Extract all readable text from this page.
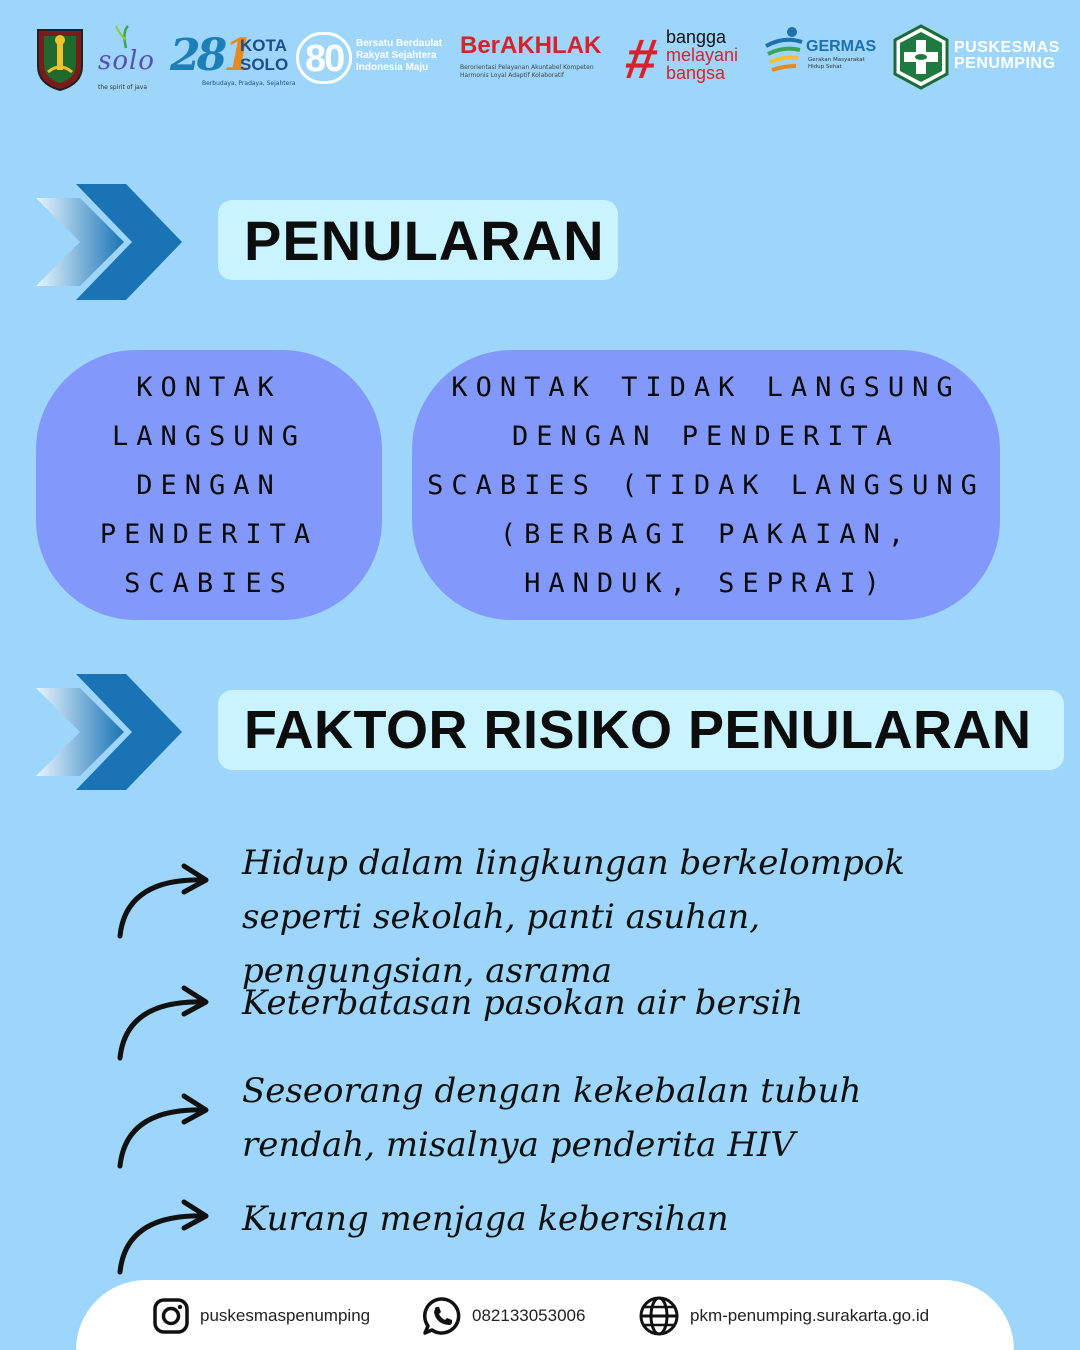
solo
the spirit of java
281
KOTA
SOLO
Berbudaya, Pradaya, Sejahtera
80 Bersatu Berdaulat
Rakyat Sejahtera
Indonesia Maju
BerAKHLAK
Berorientasi Pelayanan Akuntabel Kompeten
Harmonis Loyal Adaptif Kolaboratif	# bangga
melayani
bangsa
GERMAS
Gerakan Masyarakat
Hidup Sehat
PUSKESMAS
PENUMPING
PENULARAN
KONTAK LANGSUNG DENGAN PENDERITA SCABIES
KONTAK TIDAK LANGSUNG DENGAN PENDERITA SCABIES (TIDAK LANGSUNG (BERBAGI PAKAIAN, HANDUK, SEPRAI)
FAKTOR RISIKO PENULARAN
Hidup dalam lingkungan berkelompok seperti sekolah, panti asuhan, pengungsian, asrama
Keterbatasan pasokan air bersih
Seseorang dengan kekebalan tubuh rendah, misalnya penderita HIV
Kurang menjaga kebersihan
puskesmaspenumping	082133053006	pkm-penumping.surakarta.go.id
